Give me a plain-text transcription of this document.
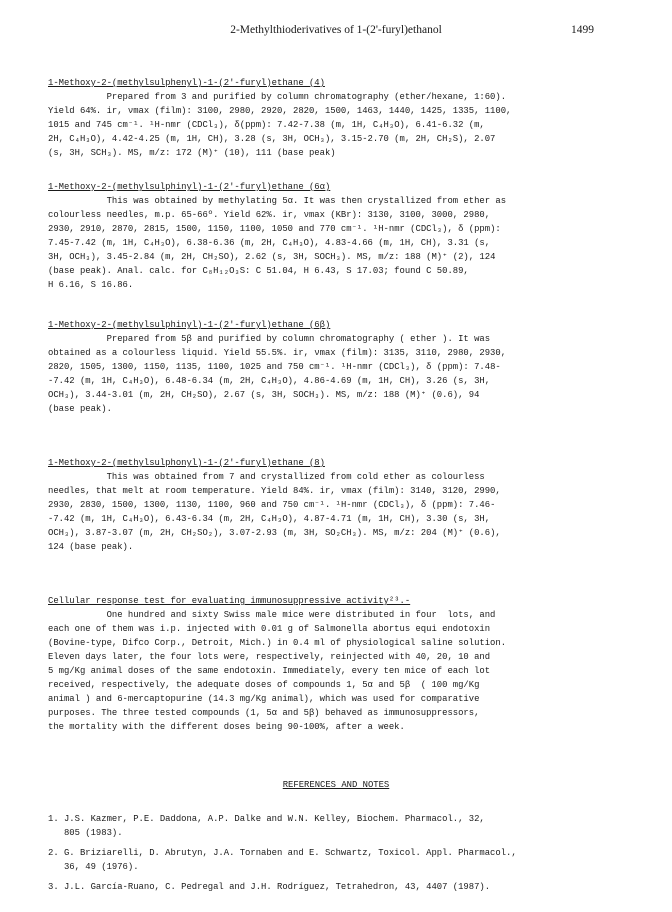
2-Methylthioderivatives of 1-(2'-furyl)ethanol	1499
1-Methoxy-2-(methylsulphenyl)-1-(2'-furyl)ethane (4)
Prepared from 3 and purified by column chromatography (ether/hexane, 1:60).
Yield 64%. ir, νmax (film): 3100, 2980, 2920, 2820, 1500, 1463, 1440, 1425, 1335, 1100,
1015 and 745 cm⁻¹. ¹H-nmr (CDCl₃), δ(ppm): 7.42-7.38 (m, 1H, C₄H₃O), 6.41-6.32 (m,
2H, C₄H₃O), 4.42-4.25 (m, 1H, CH), 3.28 (s, 3H, OCH₃), 3.15-2.70 (m, 2H, CH₂S), 2.07
(s, 3H, SCH₃). MS, m/z: 172 (M)⁺ (10), 111 (base peak)
1-Methoxy-2-(methylsulphinyl)-1-(2'-furyl)ethane (6α)
This was obtained by methylating 5α. It was then crystallized from ether as
colourless needles, m.p. 65-66º. Yield 62%. ir, νmax (KBr): 3130, 3100, 3000, 2980,
2930, 2910, 2870, 2815, 1500, 1150, 1100, 1050 and 770 cm⁻¹. ¹H-nmr (CDCl₃), δ (ppm):
7.45-7.42 (m, 1H, C₄H₃O), 6.38-6.36 (m, 2H, C₄H₃O), 4.83-4.66 (m, 1H, CH), 3.31 (s,
3H, OCH₃), 3.45-2.84 (m, 2H, CH₂SO), 2.62 (s, 3H, SOCH₃). MS, m/z: 188 (M)⁺ (2), 124
(base peak). Anal. calc. for C₈H₁₂O₃S: C 51.04, H 6.43, S 17.03; found C 50.89,
H 6.16, S 16.86.
1-Methoxy-2-(methylsulphinyl)-1-(2'-furyl)ethane (6β)
Prepared from 5β and purified by column chromatography ( ether ). It was
obtained as a colourless liquid. Yield 55.5%. ir, νmax (film): 3135, 3110, 2980, 2930,
2820, 1505, 1300, 1150, 1135, 1100, 1025 and 750 cm⁻¹. ¹H-nmr (CDCl₃), δ (ppm): 7.48-
-7.42 (m, 1H, C₄H₃O), 6.48-6.34 (m, 2H, C₄H₃O), 4.86-4.69 (m, 1H, CH), 3.26 (s, 3H,
OCH₃), 3.44-3.01 (m, 2H, CH₂SO), 2.67 (s, 3H, SOCH₃). MS, m/z: 188 (M)⁺ (0.6), 94
(base peak).
1-Methoxy-2-(methylsulphonyl)-1-(2'-furyl)ethane (8)
This was obtained from 7 and crystallized from cold ether as colourless
needles, that melt at room temperature. Yield 84%. ir, νmax (film): 3140, 3120, 2990,
2930, 2830, 1500, 1300, 1130, 1100, 960 and 750 cm⁻¹. ¹H-nmr (CDCl₃), δ (ppm): 7.46-
-7.42 (m, 1H, C₄H₃O), 6.43-6.34 (m, 2H, C₄H₃O), 4.87-4.71 (m, 1H, CH), 3.30 (s, 3H,
OCH₃), 3.87-3.07 (m, 2H, CH₂SO₂), 3.07-2.93 (m, 3H, SO₂CH₃). MS, m/z: 204 (M)⁺ (0.6),
124 (base peak).
Cellular response test for evaluating immunosuppressive activity²³.-
One hundred and sixty Swiss male mice were distributed in four  lots, and
each one of them was i.p. injected with 0.01 g of Salmonella abortus equi endotoxin
(Bovine-type, Difco Corp., Detroit, Mich.) in 0.4 ml of physiological saline solution.
Eleven days later, the four lots were, respectively, reinjected with 40, 20, 10 and
5 mg/Kg animal doses of the same endotoxin. Immediately, every ten mice of each lot
received, respectively, the adequate doses of compounds 1, 5α and 5β  ( 100 mg/Kg
animal ) and 6-mercaptopurine (14.3 mg/Kg animal), which was used for comparative
purposes. The three tested compounds (1, 5α and 5β) behaved as immunosuppressors,
the mortality with the different doses being 90-100%, after a week.
REFERENCES AND NOTES
1. J.S. Kazmer, P.E. Daddona, A.P. Dalke and W.N. Kelley, Biochem. Pharmacol., 32,
805 (1983).
2. G. Briziarelli, D. Abrutyn, J.A. Tornaben and E. Schwartz, Toxicol. Appl. Pharmacol.,
36, 49 (1976).
3. J.L. García-Ruano, C. Pedregal and J.H. Rodríguez, Tetrahedron, 43, 4407 (1987).
